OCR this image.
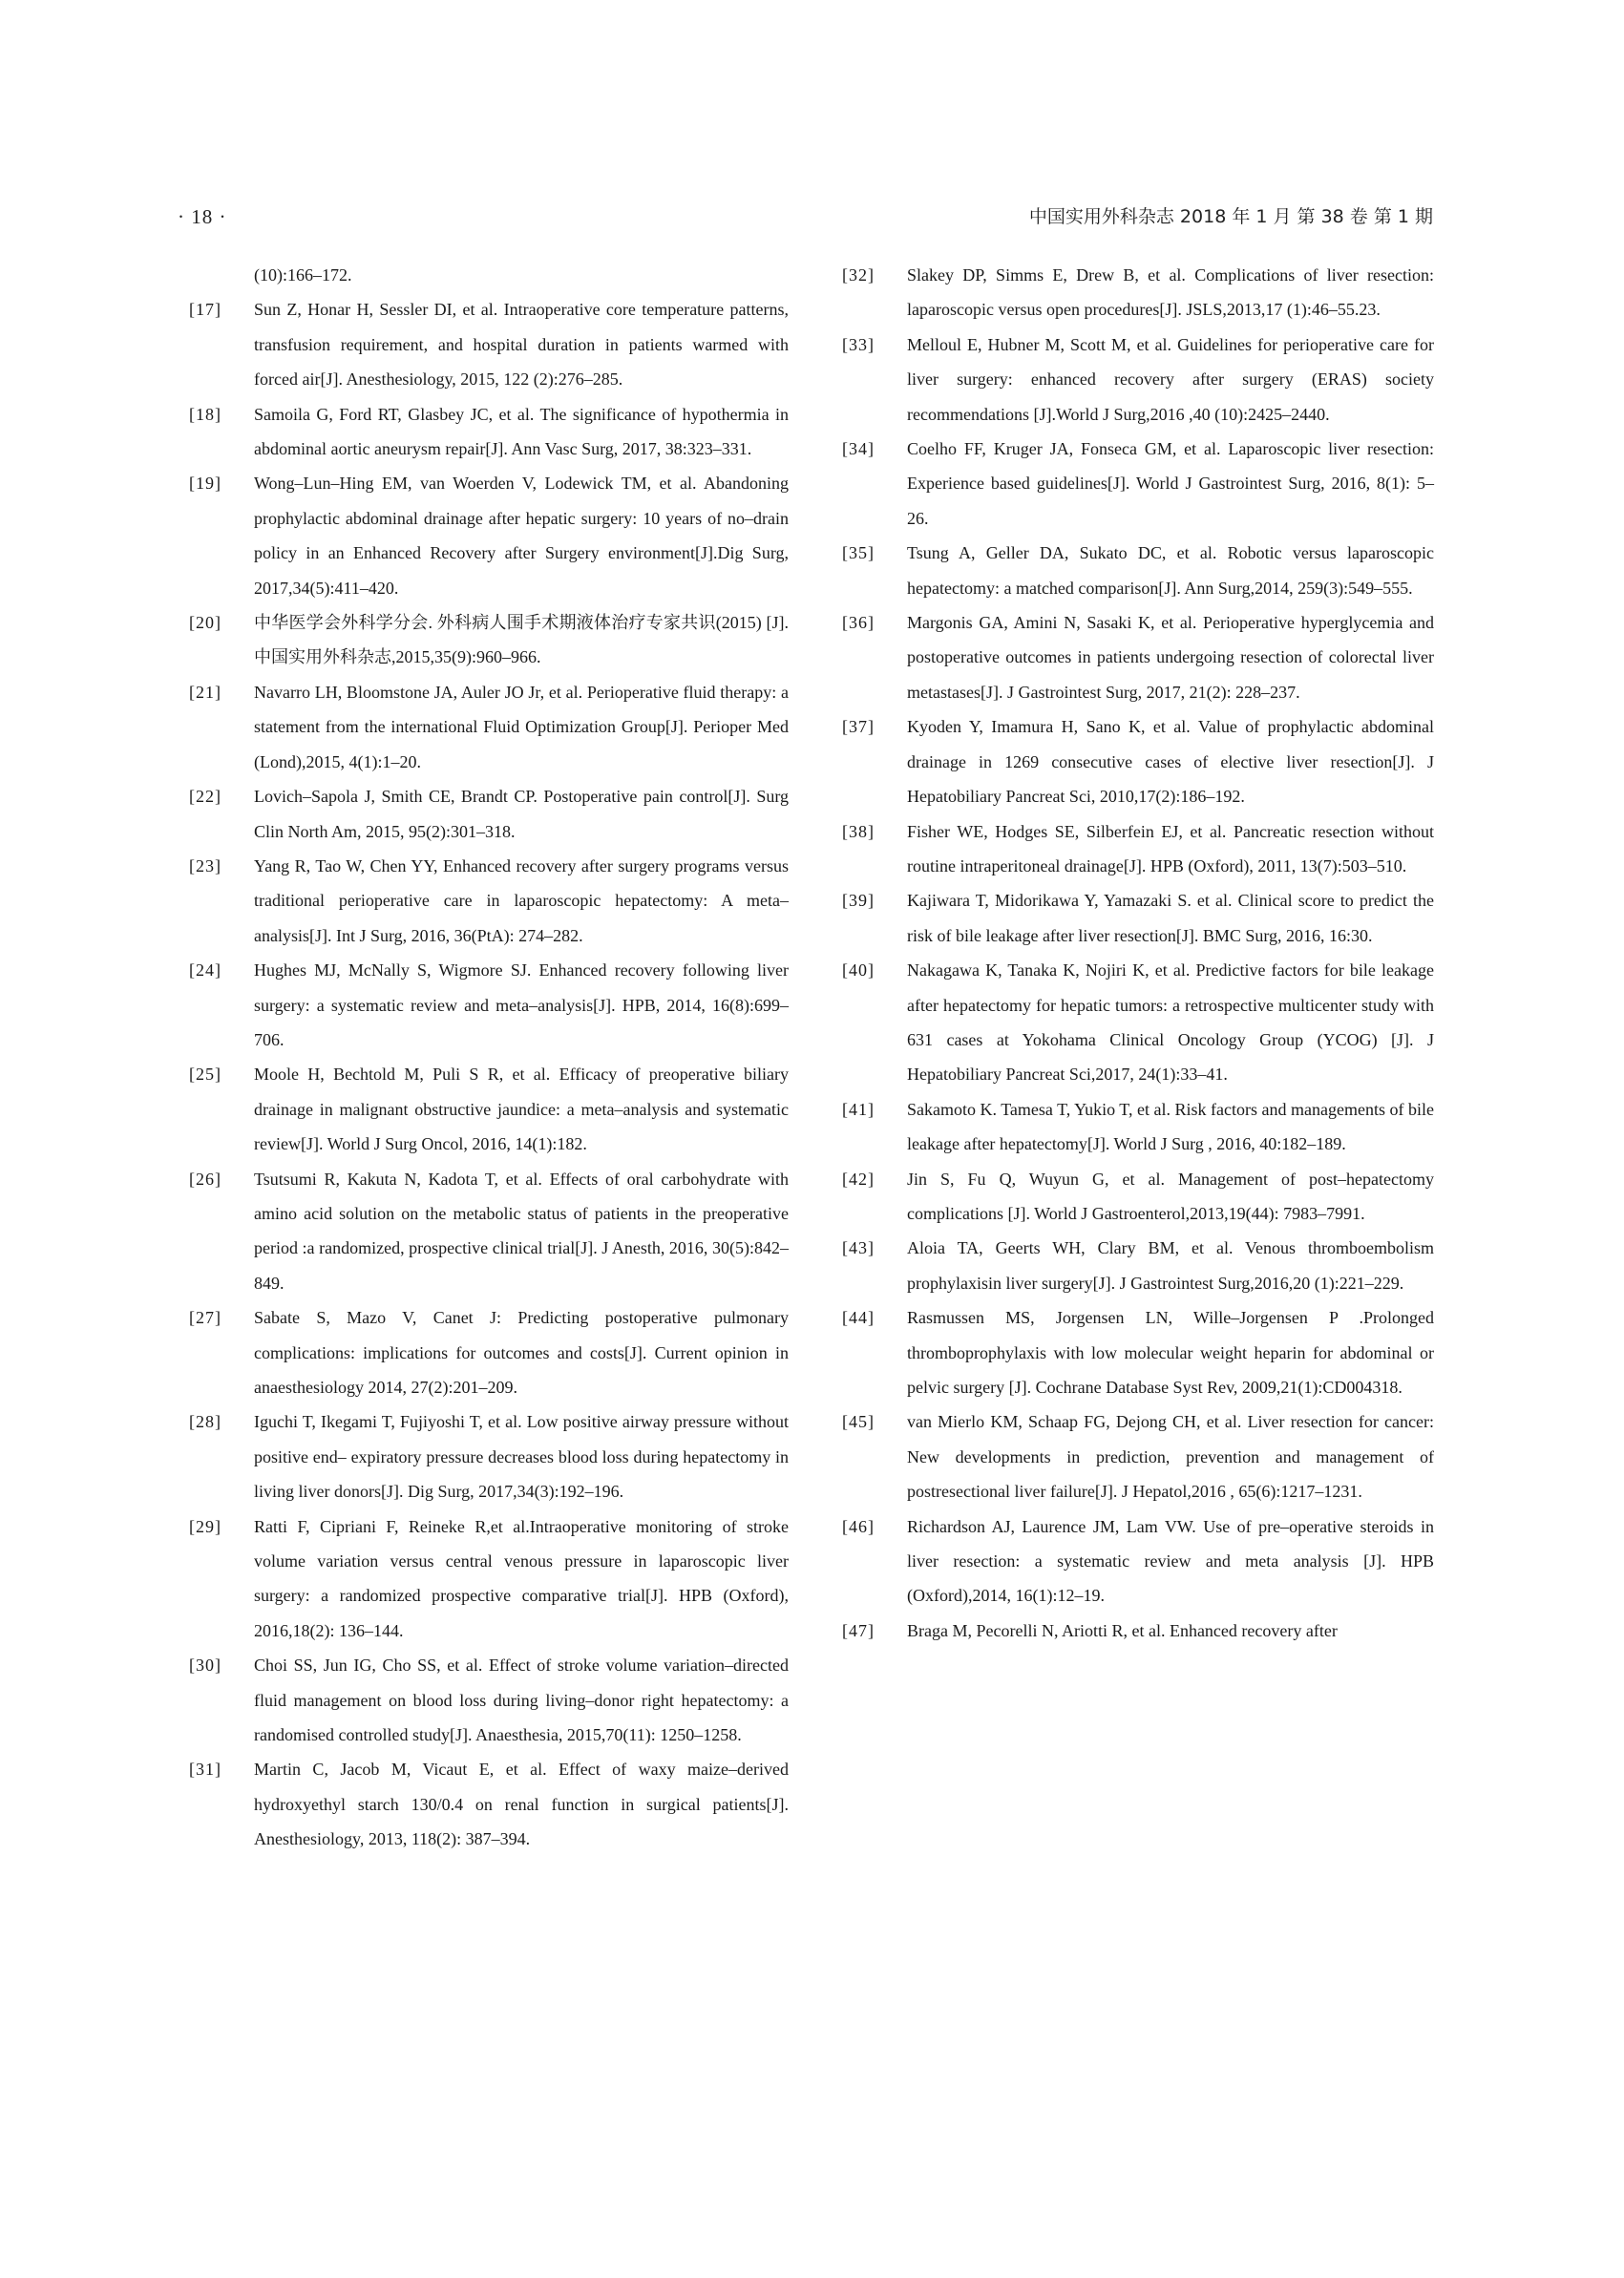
· 18 ·	中国实用外科杂志 2018 年 1 月 第 38 卷 第 1 期

(10):166–172.

[17] Sun Z, Honar H, Sessler DI, et al. Intraoperative core temperature patterns, transfusion requirement, and hospital duration in patients warmed with forced air[J]. Anesthesiology, 2015, 122 (2):276–285.

[18] Samoila G, Ford RT, Glasbey JC, et al. The significance of hypothermia in abdominal aortic aneurysm repair[J]. Ann Vasc Surg, 2017, 38:323–331.

[19] Wong–Lun–Hing EM, van Woerden V, Lodewick TM, et al. Abandoning prophylactic abdominal drainage after hepatic surgery: 10 years of no–drain policy in an Enhanced Recovery after Surgery environment[J].Dig Surg, 2017,34(5):411–420.

[20] 中华医学会外科学分会. 外科病人围手术期液体治疗专家共识(2015) [J].中国实用外科杂志,2015,35(9):960–966.

[21] Navarro LH, Bloomstone JA, Auler JO Jr, et al. Perioperative fluid therapy: a statement from the international Fluid Optimization Group[J]. Perioper Med (Lond),2015, 4(1):1–20.

[22] Lovich–Sapola J, Smith CE, Brandt CP. Postoperative pain control[J]. Surg Clin North Am, 2015, 95(2):301–318.

[23] Yang R, Tao W, Chen YY, Enhanced recovery after surgery programs versus traditional perioperative care in laparoscopic hepatectomy: A meta–analysis[J]. Int J Surg, 2016, 36(PtA): 274–282.

[24] Hughes MJ, McNally S, Wigmore SJ. Enhanced recovery following liver surgery: a systematic review and meta–analysis[J]. HPB, 2014, 16(8):699–706.

[25] Moole H, Bechtold M, Puli S R, et al. Efficacy of preoperative biliary drainage in malignant obstructive jaundice: a meta–analysis and systematic review[J]. World J Surg Oncol, 2016, 14(1):182.

[26] Tsutsumi R, Kakuta N, Kadota T, et al. Effects of oral carbohydrate with amino acid solution on the metabolic status of patients in the preoperative period :a randomized, prospective clinical trial[J]. J Anesth, 2016, 30(5):842–849.

[27] Sabate S, Mazo V, Canet J: Predicting postoperative pulmonary complications: implications for outcomes and costs[J]. Current opinion in anaesthesiology 2014, 27(2):201–209.

[28] Iguchi T, Ikegami T, Fujiyoshi T, et al. Low positive airway pressure without positive end– expiratory pressure decreases blood loss during hepatectomy in living liver donors[J]. Dig Surg, 2017,34(3):192–196.

[29] Ratti F, Cipriani F, Reineke R,et al.Intraoperative monitoring of stroke volume variation versus central venous pressure in laparoscopic liver surgery: a randomized prospective comparative trial[J]. HPB (Oxford), 2016,18(2): 136–144.

[30] Choi SS, Jun IG, Cho SS, et al. Effect of stroke volume variation–directed fluid management on blood loss during living–donor right hepatectomy: a randomised controlled study[J]. Anaesthesia, 2015,70(11): 1250–1258.

[31] Martin C, Jacob M, Vicaut E, et al. Effect of waxy maize–derived hydroxyethyl starch 130/0.4 on renal function in surgical patients[J]. Anesthesiology, 2013, 118(2): 387–394.

[32] Slakey DP, Simms E, Drew B, et al. Complications of liver resection: laparoscopic versus open procedures[J]. JSLS,2013,17 (1):46–55.23.

[33] Melloul E, Hubner M, Scott M, et al. Guidelines for perioperative care for liver surgery: enhanced recovery after surgery (ERAS) society recommendations [J].World J Surg,2016 ,40 (10):2425–2440.

[34] Coelho FF, Kruger JA, Fonseca GM, et al. Laparoscopic liver resection: Experience based guidelines[J]. World J Gastrointest Surg, 2016, 8(1): 5–26.

[35] Tsung A, Geller DA, Sukato DC, et al. Robotic versus laparoscopic hepatectomy: a matched comparison[J]. Ann Surg,2014, 259(3):549–555.

[36] Margonis GA, Amini N, Sasaki K, et al. Perioperative hyperglycemia and postoperative outcomes in patients undergoing resection of colorectal liver metastases[J]. J Gastrointest Surg, 2017, 21(2): 228–237.

[37] Kyoden Y, Imamura H, Sano K, et al. Value of prophylactic abdominal drainage in 1269 consecutive cases of elective liver resection[J]. J Hepatobiliary Pancreat Sci, 2010,17(2):186–192.

[38] Fisher WE, Hodges SE, Silberfein EJ, et al. Pancreatic resection without routine intraperitoneal drainage[J]. HPB (Oxford), 2011, 13(7):503–510.

[39] Kajiwara T, Midorikawa Y, Yamazaki S. et al. Clinical score to predict the risk of bile leakage after liver resection[J]. BMC Surg, 2016, 16:30.

[40] Nakagawa K, Tanaka K, Nojiri K, et al. Predictive factors for bile leakage after hepatectomy for hepatic tumors: a retrospective multicenter study with 631 cases at Yokohama Clinical Oncology Group (YCOG) [J]. J Hepatobiliary Pancreat Sci,2017, 24(1):33–41.

[41] Sakamoto K. Tamesa T, Yukio T, et al. Risk factors and managements of bile leakage after hepatectomy[J]. World J Surg , 2016, 40:182–189.

[42] Jin S, Fu Q, Wuyun G, et al. Management of post–hepatectomy complications [J]. World J Gastroenterol,2013,19(44): 7983–7991.

[43] Aloia TA, Geerts WH, Clary BM, et al. Venous thromboembolism prophylaxisin liver surgery[J]. J Gastrointest Surg,2016,20 (1):221–229.

[44] Rasmussen MS, Jorgensen LN, Wille–Jorgensen P .Prolonged thromboprophylaxis with low molecular weight heparin for abdominal or pelvic surgery [J]. Cochrane Database Syst Rev, 2009,21(1):CD004318.

[45] van Mierlo KM, Schaap FG, Dejong CH, et al. Liver resection for cancer: New developments in prediction, prevention and management of postresectional liver failure[J]. J Hepatol,2016 , 65(6):1217–1231.

[46] Richardson AJ, Laurence JM, Lam VW. Use of pre–operative steroids in liver resection: a systematic review and meta analysis [J]. HPB (Oxford),2014, 16(1):12–19.

[47] Braga M, Pecorelli N, Ariotti R, et al. Enhanced recovery after
